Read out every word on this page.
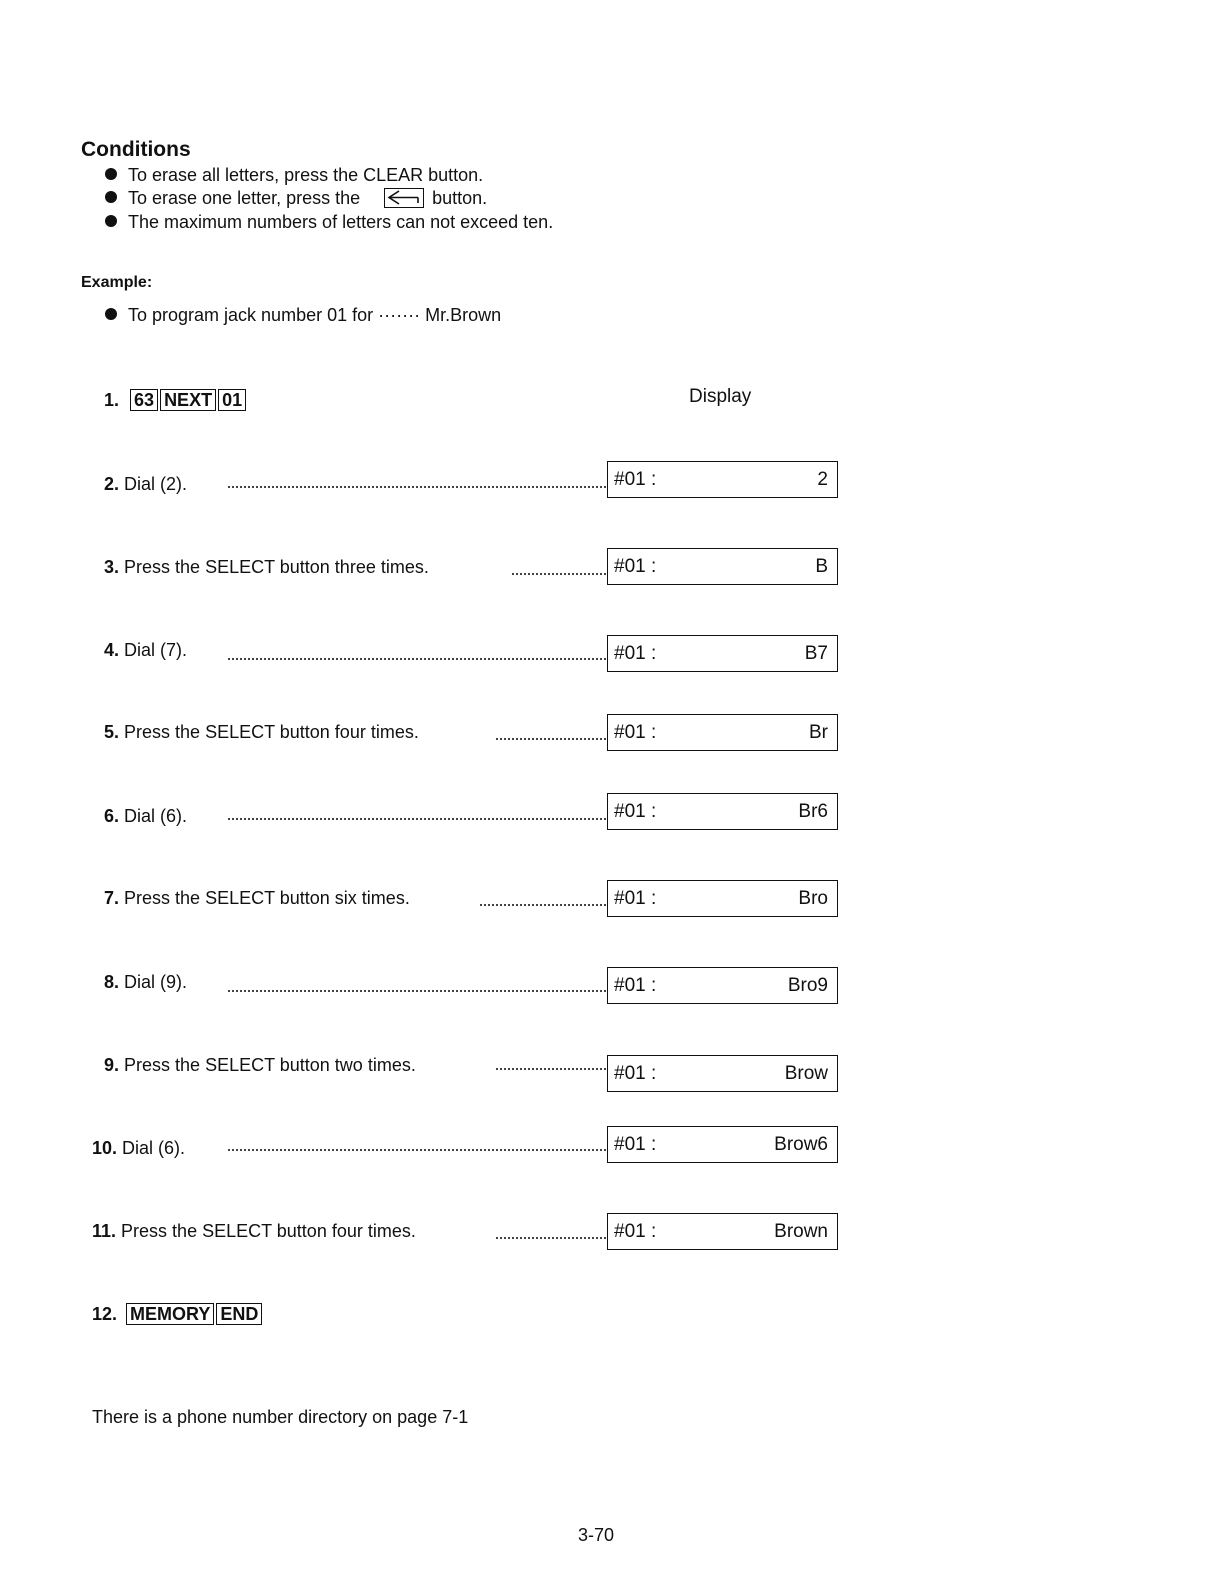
Conditions
To erase all letters, press the CLEAR button.
To erase one letter, press the	button.
The maximum numbers of letters can not exceed ten.
Example:
To program jack number 01 for ······· Mr.Brown
1. 63 NEXT 01	Display
2. Dial (2).	#01 :	2
3. Press the SELECT button three times.	#01 :	B
4. Dial (7).	#01 :	B7
5. Press the SELECT button four times.	#01 :	Br
6. Dial (6).	#01 :	Br6
7. Press the SELECT button six times.	#01 :	Bro
8. Dial (9).	#01 :	Bro9
9. Press the SELECT button two times.	#01 :	Brow
10. Dial (6).	#01 :	Brow6
11. Press the SELECT button four times.	#01 :	Brown
12. MEMORY END
There is a phone number directory on page 7-1
3-70
